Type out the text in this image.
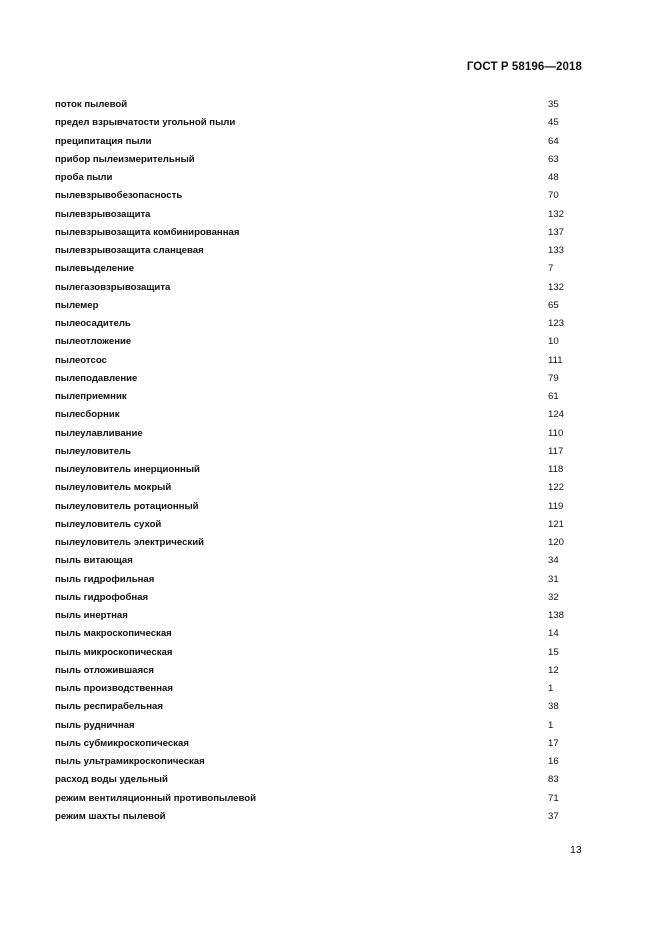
ГОСТ Р 58196—2018
поток пылевой	35
предел взрывчатости угольной пыли	45
преципитация пыли	64
прибор пылеизмерительный	63
проба пыли	48
пылевзрывобезопасность	70
пылевзрывозащита	132
пылевзрывозащита комбинированная	137
пылевзрывозащита сланцевая	133
пылевыделение	7
пылегазовзрывозащита	132
пылемер	65
пылеосадитель	123
пылеотложение	10
пылеотсос	111
пылеподавление	79
пылеприемник	61
пылесборник	124
пылеулавливание	110
пылеуловитель	117
пылеуловитель инерционный	118
пылеуловитель мокрый	122
пылеуловитель ротационный	119
пылеуловитель сухой	121
пылеуловитель электрический	120
пыль витающая	34
пыль гидрофильная	31
пыль гидрофобная	32
пыль инертная	138
пыль макроскопическая	14
пыль микроскопическая	15
пыль отложившаяся	12
пыль производственная	1
пыль респирабельная	38
пыль рудничная	1
пыль субмикроскопическая	17
пыль ультрамикроскопическая	16
расход воды удельный	83
режим вентиляционный противопылевой	71
режим шахты пылевой	37
13
